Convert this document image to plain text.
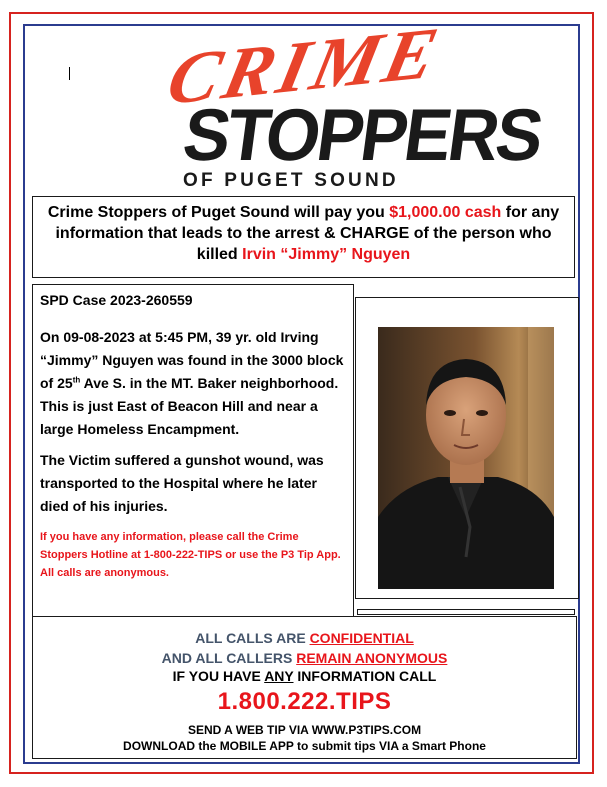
CRIME
STOPPERS
OF PUGET SOUND
Crime Stoppers of Puget Sound will pay you $1,000.00 cash for any information that leads to the arrest & CHARGE of the person who killed Irvin “Jimmy” Nguyen
SPD Case 2023-260559

On 09-08-2023 at 5:45 PM, 39 yr. old Irving “Jimmy” Nguyen was found in the 3000 block of 25th Ave S. in the MT. Baker neighborhood. This is just East of Beacon Hill and near a large Homeless Encampment.

The Victim suffered a gunshot wound, was transported to the Hospital where he later died of his injuries.

If you have any information, please call the Crime Stoppers Hotline at 1-800-222-TIPS or use the P3 Tip App. All calls are anonymous.

ALL CALLS ARE CONFIDENTIAL
AND ALL CALLERS REMAIN ANONYMOUS
IF YOU HAVE ANY INFORMATION CALL
1.800.222.TIPS
SEND A WEB TIP VIA WWW.P3TIPS.COM
DOWNLOAD the MOBILE APP to submit tips VIA a Smart Phone
